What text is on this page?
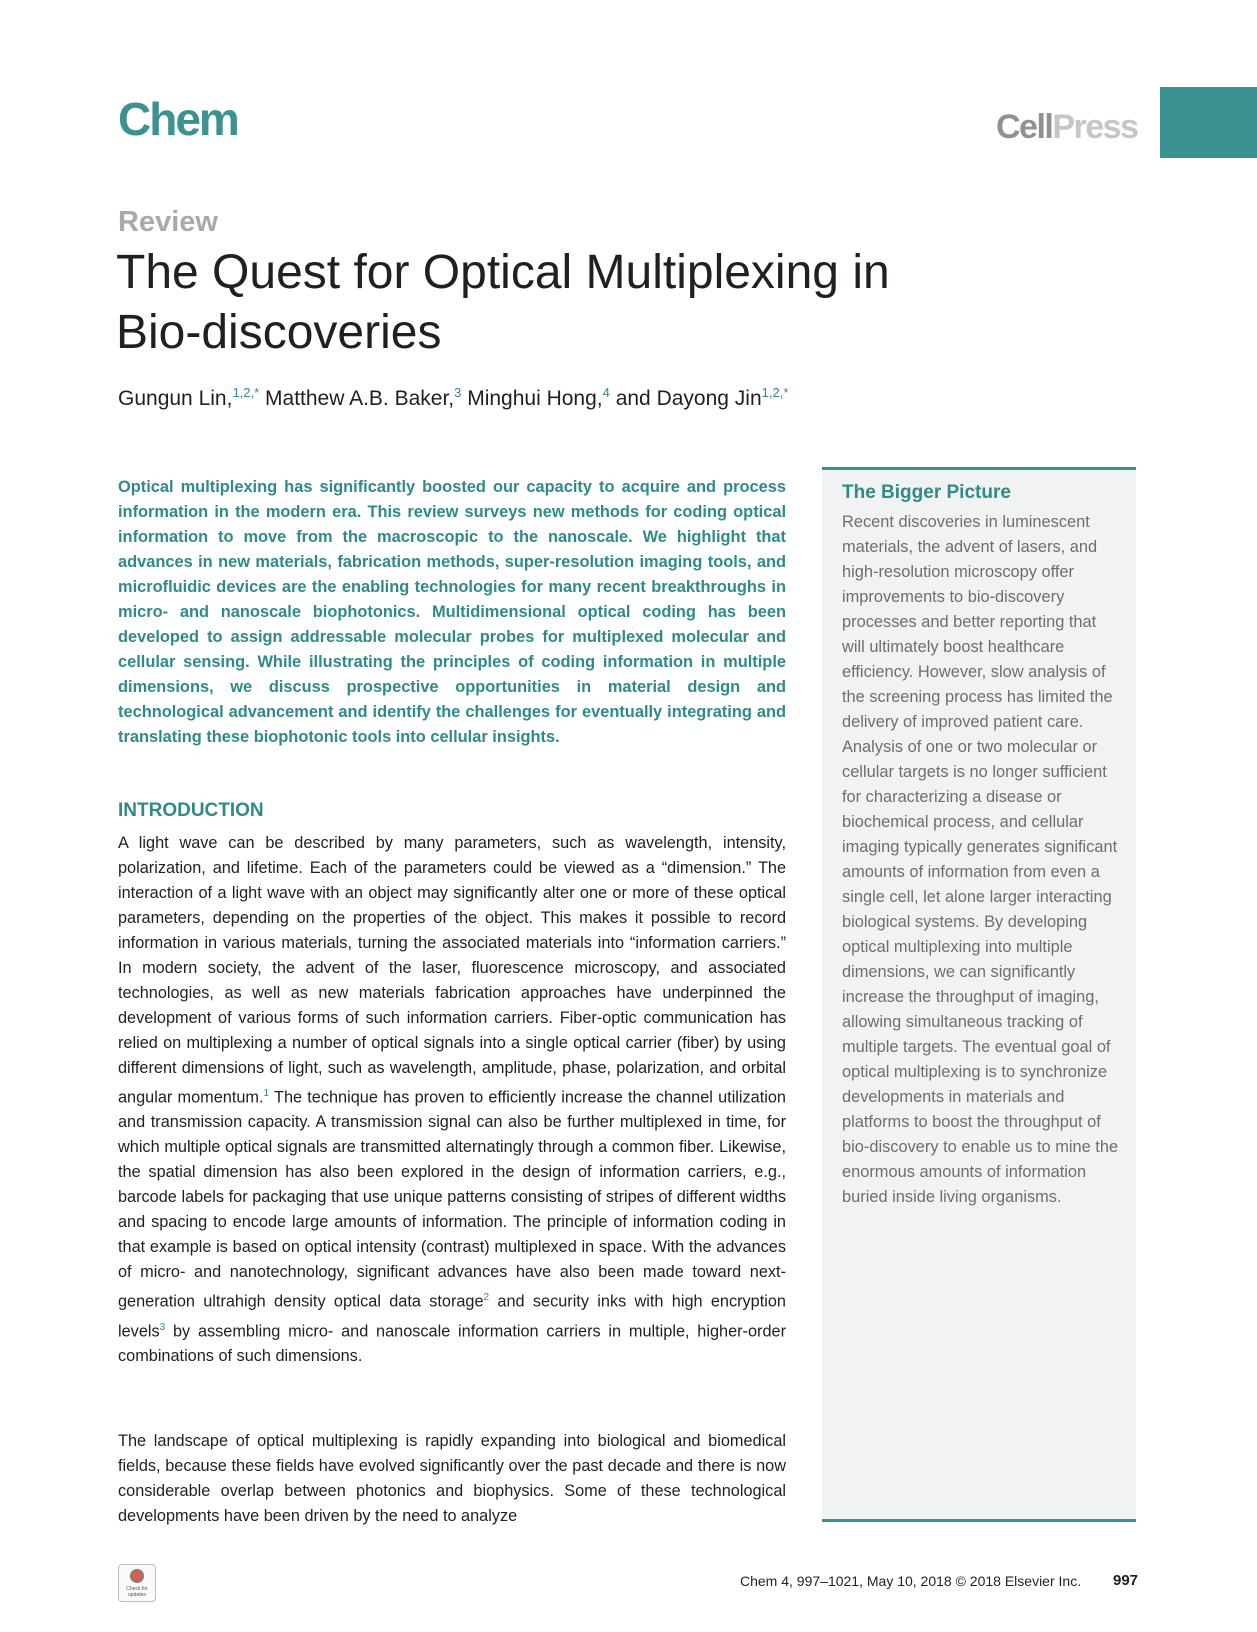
Chem	CellPress
Review
The Quest for Optical Multiplexing in Bio-discoveries
Gungun Lin,$^{1,2,*}$ Matthew A.B. Baker,$^3$ Minghui Hong,$^4$ and Dayong Jin$^{1,2,*}$

Optical multiplexing has significantly boosted our capacity to acquire and process information in the modern era. This review surveys new methods for coding optical information to move from the macroscopic to the nanoscale. We highlight that advances in new materials, fabrication methods, super-resolution imaging tools, and microfluidic devices are the enabling technologies for many recent breakthroughs in micro- and nanoscale biophotonics. Multidimensional optical coding has been developed to assign addressable molecular probes for multiplexed molecular and cellular sensing. While illustrating the principles of coding information in multiple dimensions, we discuss prospective opportunities in material design and technological advancement and identify the challenges for eventually integrating and translating these biophotonic tools into cellular insights.

INTRODUCTION

A light wave can be described by many parameters, such as wavelength, intensity, polarization, and lifetime. Each of the parameters could be viewed as a “dimension.” The interaction of a light wave with an object may significantly alter one or more of these optical parameters, depending on the properties of the object. This makes it possible to record information in various materials, turning the associated materials into “information carriers.” In modern society, the advent of the laser, fluorescence microscopy, and associated technologies, as well as new materials fabrication approaches have underpinned the development of various forms of such information carriers. Fiber-optic communication has relied on multiplexing a number of optical signals into a single optical carrier (fiber) by using different dimensions of light, such as wavelength, amplitude, phase, polarization, and orbital angular momentum.$^1$ The technique has proven to efficiently increase the channel utilization and transmission capacity. A transmission signal can also be further multiplexed in time, for which multiple optical signals are transmitted alternatingly through a common fiber. Likewise, the spatial dimension has also been explored in the design of information carriers, e.g., barcode labels for packaging that use unique patterns consisting of stripes of different widths and spacing to encode large amounts of information. The principle of information coding in that example is based on optical intensity (contrast) multiplexed in space. With the advances of micro- and nanotechnology, significant advances have also been made toward next-generation ultrahigh density optical data storage$^2$ and security inks with high encryption levels$^3$ by assembling micro- and nanoscale information carriers in multiple, higher-order combinations of such dimensions.

The landscape of optical multiplexing is rapidly expanding into biological and biomedical fields, because these fields have evolved significantly over the past decade and there is now considerable overlap between photonics and biophysics. Some of these technological developments have been driven by the need to analyze

The Bigger Picture

Recent discoveries in luminescent materials, the advent of lasers, and high-resolution microscopy offer improvements to bio-discovery processes and better reporting that will ultimately boost healthcare efficiency. However, slow analysis of the screening process has limited the delivery of improved patient care. Analysis of one or two molecular or cellular targets is no longer sufficient for characterizing a disease or biochemical process, and cellular imaging typically generates significant amounts of information from even a single cell, let alone larger interacting biological systems. By developing optical multiplexing into multiple dimensions, we can significantly increase the throughput of imaging, allowing simultaneous tracking of multiple targets. The eventual goal of optical multiplexing is to synchronize developments in materials and platforms to boost the throughput of bio-discovery to enable us to mine the enormous amounts of information buried inside living organisms.

Check for updates
Chem 4, 997–1021, May 10, 2018 © 2018 Elsevier Inc. 997
